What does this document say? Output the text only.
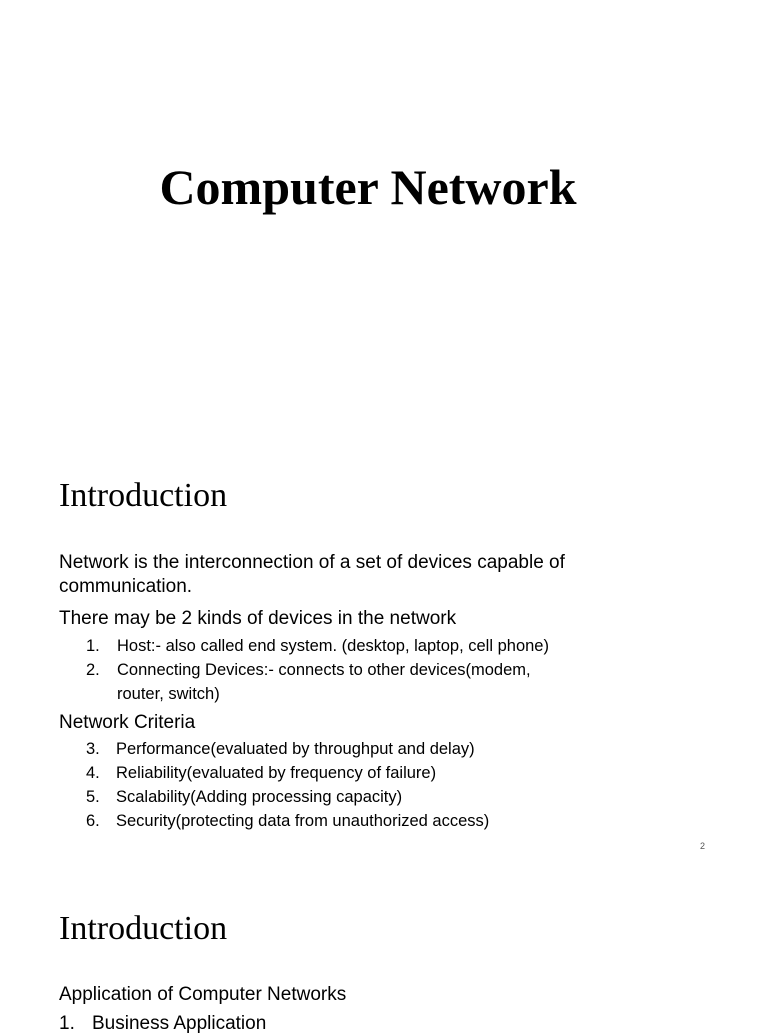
Computer Network
Introduction

Network is the interconnection of a set of devices capable of communication.

There may be 2 kinds of devices in the network

1.	Host:- also called end system. (desktop, laptop, cell phone)
2.	Connecting Devices:- connects to other devices(modem, router, switch)

Network Criteria

3. Performance(evaluated by throughput and delay)
4. Reliability(evaluated by frequency of failure)
5. Scalability(Adding processing capacity)
6. Security(protecting data from unauthorized access)
2
Introduction

Application of Computer Networks

1. Business Application
